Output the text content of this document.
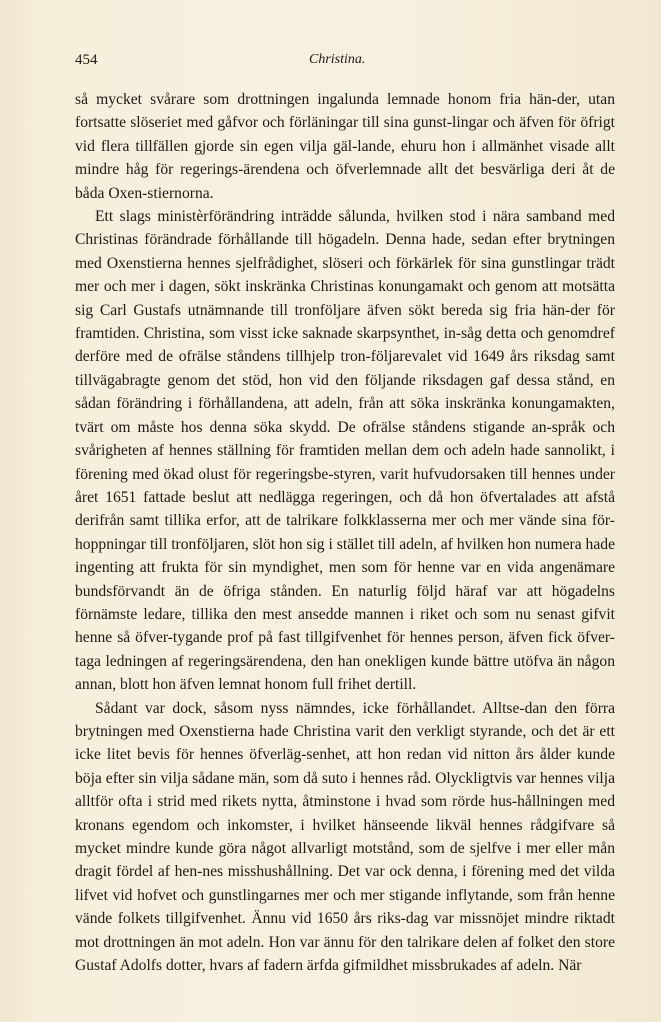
454	Christina.

så mycket svårare som drottningen ingalunda lemnade honom fria hän-der, utan fortsatte slöseriet med gåfvor och förläningar till sina gunst-lingar och äfven för öfrigt vid flera tillfällen gjorde sin egen vilja gäl-lande, ehuru hon i allmänhet visade allt mindre håg för regerings-ärendena och öfverlemnade allt det besvärliga deri åt de båda Oxen-stiernorna.

Ett slags ministèrförändring inträdde sålunda, hvilken stod i nära samband med Christinas förändrade förhållande till högadeln. Denna hade, sedan efter brytningen med Oxenstierna hennes sjelfrådighet, slöseri och förkärlek för sina gunstlingar trädt mer och mer i dagen, sökt inskränka Christinas konungamakt och genom att motsätta sig Carl Gustafs utnämnande till tronföljare äfven sökt bereda sig fria hän-der för framtiden. Christina, som visst icke saknade skarpsynthet, in-såg detta och genomdref derföre med de ofrälse ståndens tillhjelp tron-följarevalet vid 1649 års riksdag samt tillvägabragte genom det stöd, hon vid den följande riksdagen gaf dessa stånd, en sådan förändring i förhållandena, att adeln, från att söka inskränka konungamakten, tvärt om måste hos denna söka skydd. De ofrälse ståndens stigande an-språk och svårigheten af hennes ställning för framtiden mellan dem och adeln hade sannolikt, i förening med ökad olust för regeringsbe-styren, varit hufvudorsaken till hennes under året 1651 fattade beslut att nedlägga regeringen, och då hon öfvertalades att afstå derifrån samt tillika erfor, att de talrikare folkklasserna mer och mer vände sina för-hoppningar till tronföljaren, slöt hon sig i stället till adeln, af hvilken hon numera hade ingenting att frukta för sin myndighet, men som för henne var en vida angenämare bundsförvandt än de öfriga stånden. En naturlig följd häraf var att högadelns förnämste ledare, tillika den mest ansedde mannen i riket och som nu senast gifvit henne så öfver-tygande prof på fast tillgifvenhet för hennes person, äfven fick öfver-taga ledningen af regeringsärendena, den han onekligen kunde bättre utöfva än någon annan, blott hon äfven lemnat honom full frihet dertill.

Sådant var dock, såsom nyss nämndes, icke förhållandet. Alltse-dan den förra brytningen med Oxenstierna hade Christina varit den verkligt styrande, och det är ett icke litet bevis för hennes öfverläg-senhet, att hon redan vid nitton års ålder kunde böja efter sin vilja sådane män, som då suto i hennes råd. Olyckligtvis var hennes vilja alltför ofta i strid med rikets nytta, åtminstone i hvad som rörde hus-hållningen med kronans egendom och inkomster, i hvilket hänseende likväl hennes rådgifvare så mycket mindre kunde göra något allvarligt motstånd, som de sjelfve i mer eller mån dragit fördel af hen-nes misshushållning. Det var ock denna, i förening med det vilda lifvet vid hofvet och gunstlingarnes mer och mer stigande inflytande, som från henne vände folkets tillgifvenhet. Ännu vid 1650 års riks-dag var missnöjet mindre riktadt mot drottningen än mot adeln. Hon var ännu för den talrikare delen af folket den store Gustaf Adolfs dotter, hvars af fadern ärfda gifmildhet missbrukades af adeln. När
